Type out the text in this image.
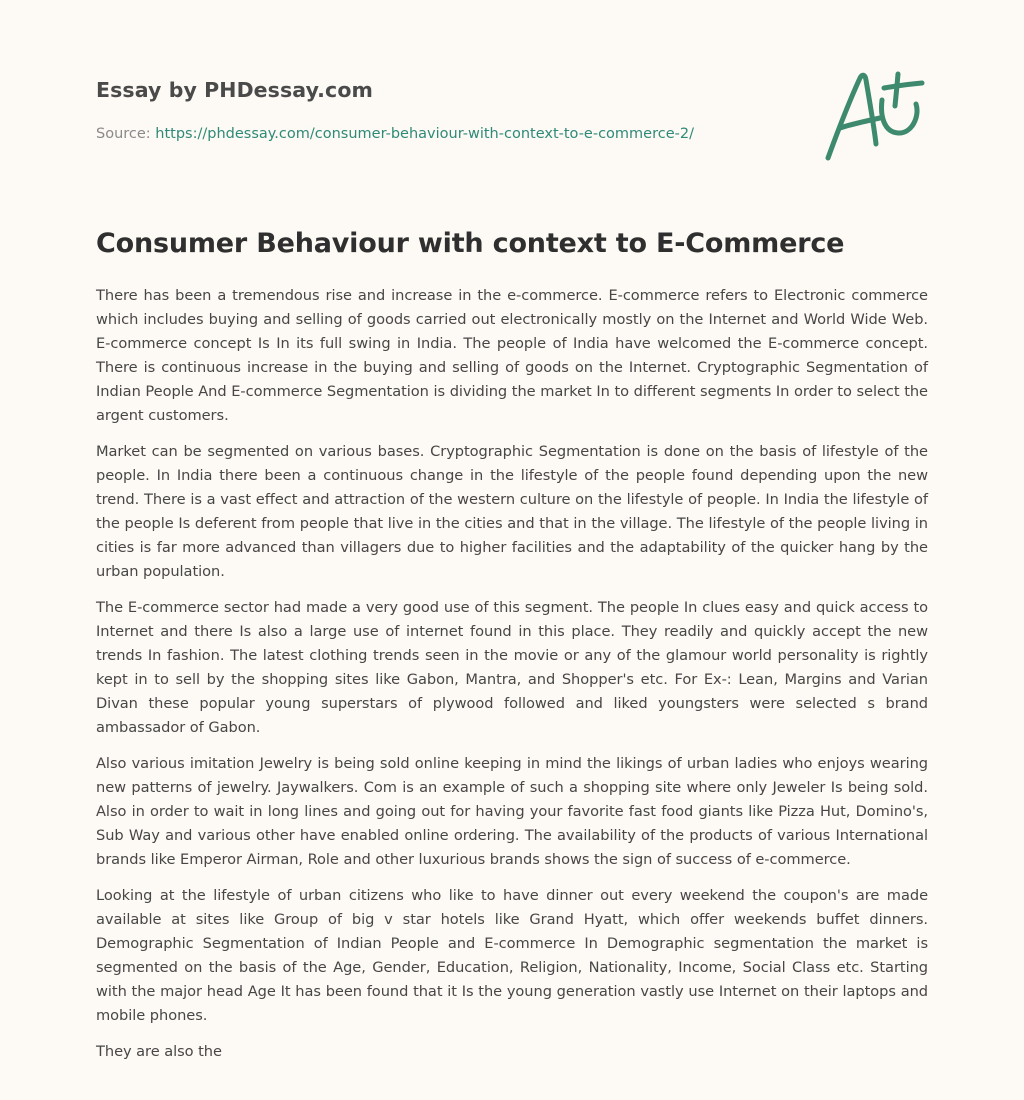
Essay by PHDessay.com
Source: https://phdessay.com/consumer-behaviour-with-context-to-e-commerce-2/
Consumer Behaviour with context to E-Commerce

There has been a tremendous rise and increase in the e-commerce. E-commerce refers to Electronic commerce which includes buying and selling of goods carried out electronically mostly on the Internet and World Wide Web. E-commerce concept Is In its full swing in India. The people of India have welcomed the E-commerce concept. There is continuous increase in the buying and selling of goods on the Internet. Cryptographic Segmentation of Indian People And E-commerce Segmentation is dividing the market In to different segments In order to select the argent customers.

Market can be segmented on various bases. Cryptographic Segmentation is done on the basis of lifestyle of the people. In India there been a continuous change in the lifestyle of the people found depending upon the new trend. There is a vast effect and attraction of the western culture on the lifestyle of people. In India the lifestyle of the people Is deferent from people that live in the cities and that in the village. The lifestyle of the people living in cities is far more advanced than villagers due to higher facilities and the adaptability of the quicker hang by the urban population.

The E-commerce sector had made a very good use of this segment. The people In clues easy and quick access to Internet and there Is also a large use of internet found in this place. They readily and quickly accept the new trends In fashion. The latest clothing trends seen in the movie or any of the glamour world personality is rightly kept in to sell by the shopping sites like Gabon, Mantra, and Shopper's etc. For Ex-: Lean, Margins and Varian Divan these popular young superstars of plywood followed and liked youngsters were selected s brand ambassador of Gabon.

Also various imitation Jewelry is being sold online keeping in mind the likings of urban ladies who enjoys wearing new patterns of jewelry. Jaywalkers. Com is an example of such a shopping site where only Jeweler Is being sold. Also in order to wait in long lines and going out for having your favorite fast food giants like Pizza Hut, Domino's, Sub Way and various other have enabled online ordering. The availability of the products of various International brands like Emperor Airman, Role and other luxurious brands shows the sign of success of e-commerce.

Looking at the lifestyle of urban citizens who like to have dinner out every weekend the coupon's are made available at sites like Group of big v star hotels like Grand Hyatt, which offer weekends buffet dinners. Demographic Segmentation of Indian People and E-commerce In Demographic segmentation the market is segmented on the basis of the Age, Gender, Education, Religion, Nationality, Income, Social Class etc. Starting with the major head Age It has been found that it Is the young generation vastly use Internet on their laptops and mobile phones.

They are also the
